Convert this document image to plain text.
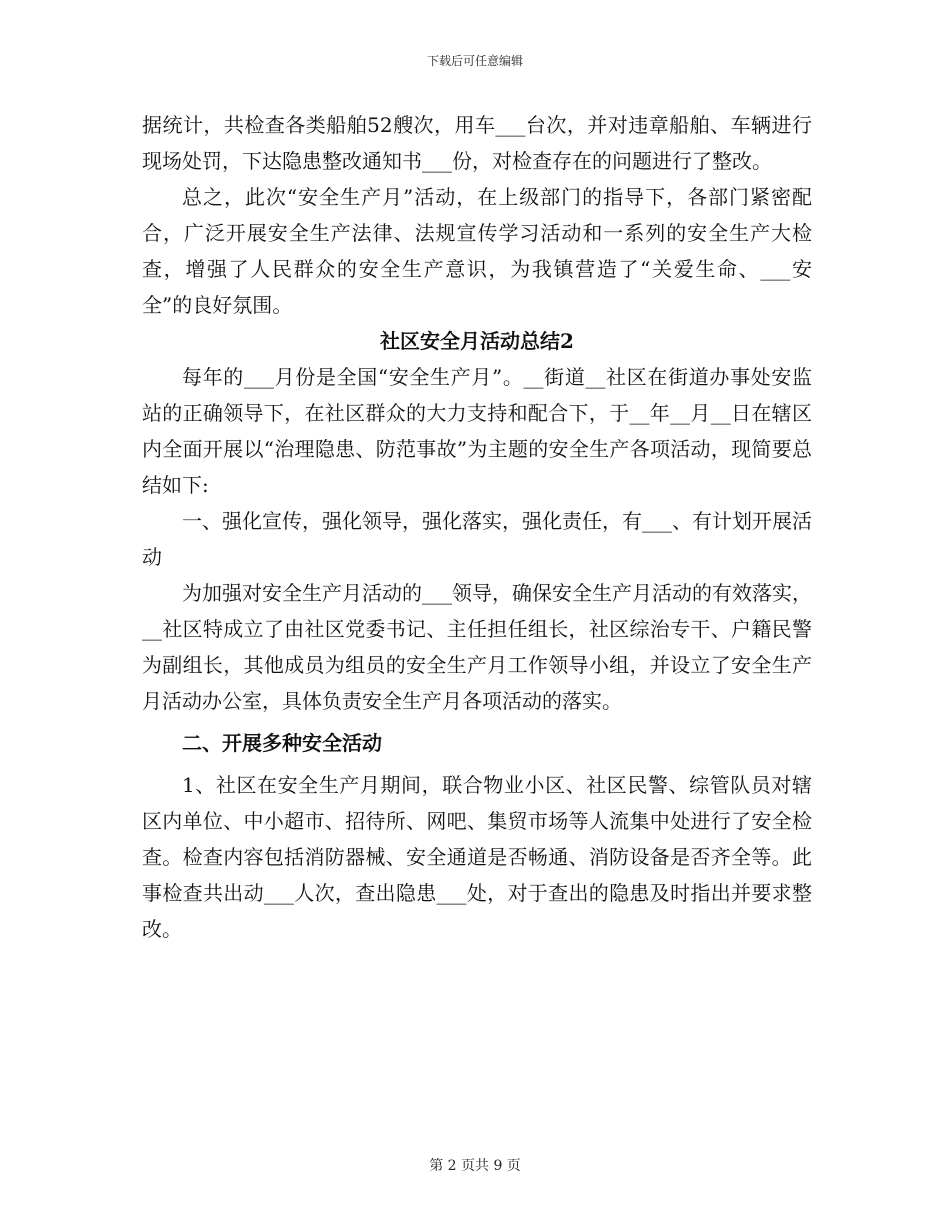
下载后可任意编辑

据统计，共检查各类船舶52艘次，用车___台次，并对违章船舶、车辆进行现场处罚，下达隐患整改通知书___份，对检查存在的问题进行了整改。

总之，此次“安全生产月”活动，在上级部门的指导下，各部门紧密配合，广泛开展安全生产法律、法规宣传学习活动和一系列的安全生产大检查，增强了人民群众的安全生产意识，为我镇营造了“关爱生命、___安全”的良好氛围。

社区安全月活动总结2

每年的___月份是全国“安全生产月”。__街道__社区在街道办事处安监站的正确领导下，在社区群众的大力支持和配合下，于__年__月__日在辖区内全面开展以“治理隐患、防范事故”为主题的安全生产各项活动，现简要总结如下:

一、强化宣传，强化领导，强化落实，强化责任，有___、有计划开展活动

为加强对安全生产月活动的___领导，确保安全生产月活动的有效落实，__社区特成立了由社区党委书记、主任担任组长，社区综治专干、户籍民警为副组长，其他成员为组员的安全生产月工作领导小组，并设立了安全生产月活动办公室，具体负责安全生产月各项活动的落实。

二、开展多种安全活动

1、社区在安全生产月期间，联合物业小区、社区民警、综管队员对辖区内单位、中小超市、招待所、网吧、集贸市场等人流集中处进行了安全检查。检查内容包括消防器械、安全通道是否畅通、消防设备是否齐全等。此事检查共出动___人次，查出隐患___处，对于查出的隐患及时指出并要求整改。

第 2 页共 9 页
